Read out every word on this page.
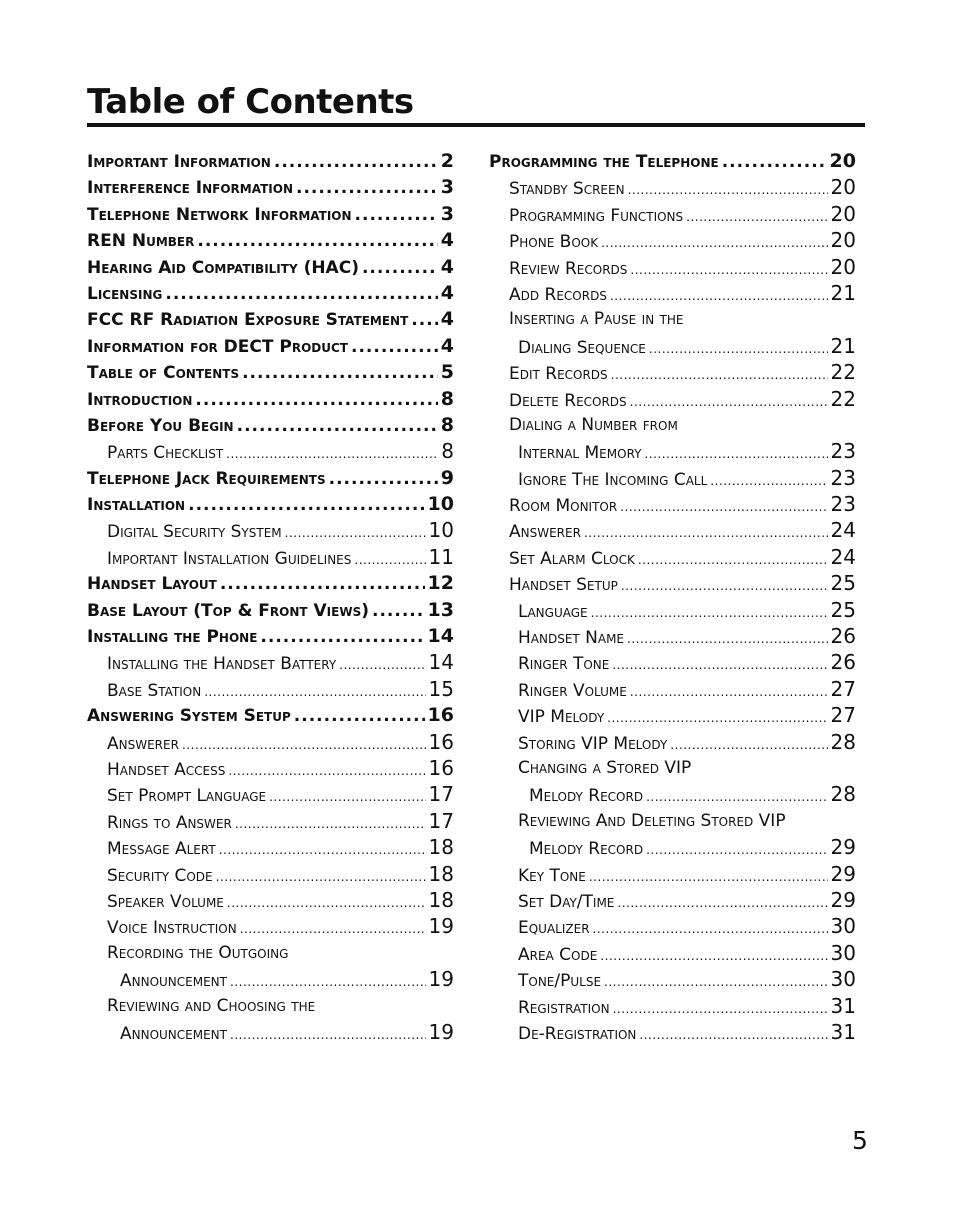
Table of Contents
Important Information .....	2
Interference Information .....	3
Telephone Network Information .....	3
REN Number .....	4
Hearing Aid Compatibility (HAC) .....	4
Licensing .....	4
FCC RF Radiation Exposure Statement ..... 4
Information for DECT Product .....	4
Table of Contents .....	5
Introduction .....	8
Before You Begin .....	8
Parts Checklist .....	8
Telephone Jack Requirements .....	9
Installation .....	10
Digital Security System .....	10
Important Installation Guidelines .....	11
Handset Layout .....	12
Base Layout (Top & Front Views) .....	13
Installing the Phone .....	14
Installing the Handset Battery .....	14
Base Station .....	15
Answering System Setup .....	16
Answerer .....	16
Handset Access .....	16
Set Prompt Language .....	17
Rings to Answer .....	17
Message Alert .....	18
Security Code .....	18
Speaker Volume .....	18
Voice Instruction .....	19
Recording the Outgoing
Announcement .....	19
Reviewing and Choosing the
Announcement .....	19
Programming the Telephone .....	20
Standby Screen .....	20
Programming Functions .....	20
Phone Book .....	20
Review Records .....	20
Add Records .....	21
Inserting a Pause in the
Dialing Sequence .....	21
Edit Records .....	22
Delete Records .....	22
Dialing a Number from
Internal Memory .....	23
Ignore The Incoming Call .....	23
Room Monitor .....	23
Answerer .....	24
Set Alarm Clock .....	24
Handset Setup .....	25
Language .....	25
Handset Name .....	26
Ringer Tone .....	26
Ringer Volume .....	27
VIP Melody .....	27
Storing VIP Melody .....	28
Changing a Stored VIP
Melody Record .....	28
Reviewing And Deleting Stored VIP
Melody Record .....	29
Key Tone .....	29
Set Day/Time .....	29
Equalizer .....	30
Area Code .....	30
Tone/Pulse .....	30
Registration .....	31
De-Registration .....	31
5
